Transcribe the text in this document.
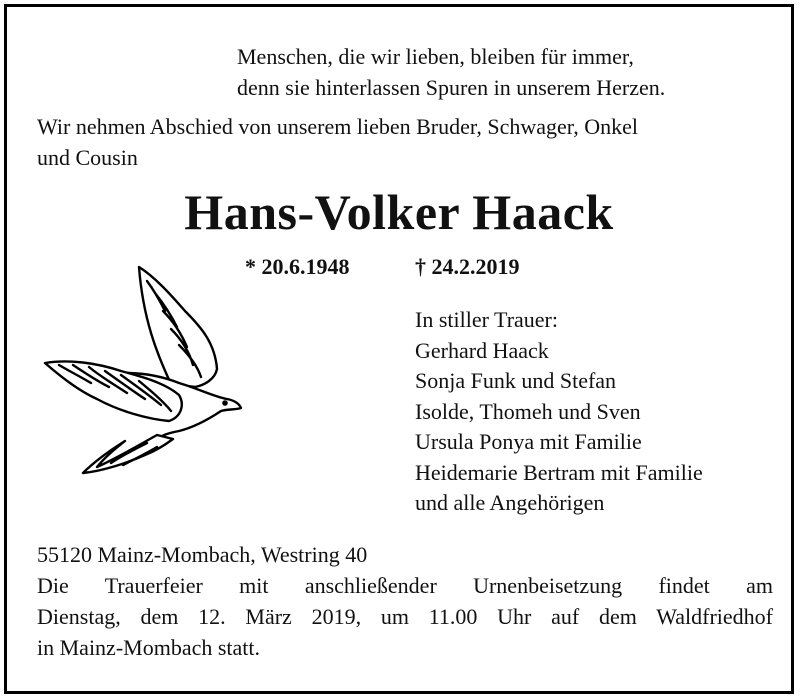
Menschen, die wir lieben, bleiben für immer,
denn sie hinterlassen Spuren in unserem Herzen.
Wir nehmen Abschied von unserem lieben Bruder, Schwager, Onkel
und Cousin
Hans-Volker Haack
* 20.6.1948	† 24.2.2019
In stiller Trauer:
Gerhard Haack
Sonja Funk und Stefan
Isolde, Thomeh und Sven
Ursula Ponya mit Familie
Heidemarie Bertram mit Familie
und alle Angehörigen
55120 Mainz-Mombach, Westring 40
Die Trauerfeier mit anschließender Urnenbeisetzung findet am
Dienstag, dem 12. März 2019, um 11.00 Uhr auf dem Waldfriedhof
in Mainz-Mombach statt.
